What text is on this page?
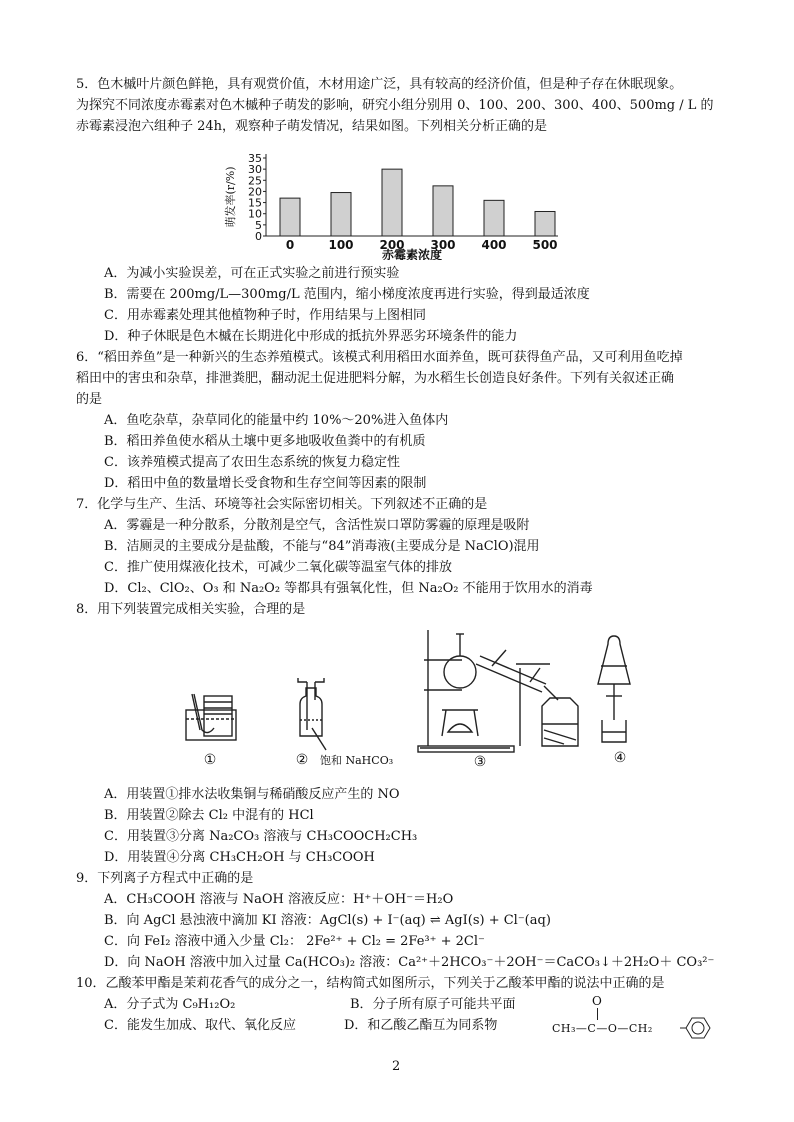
5．色木槭叶片颜色鲜艳，具有观赏价值，木材用途广泛，具有较高的经济价值，但是种子存在休眠现象。
为探究不同浓度赤霉素对色木槭种子萌发的影响，研究小组分别用 0、100、200、300、400、500mg / L 的
赤霉素浸泡六组种子 24h，观察种子萌发情况，结果如图。下列相关分析正确的是
0
5
10
15
20
25
30
35
萌发率(r/%)
0	100 200 300 400 500
赤霉素浓度
A．为减小实验误差，可在正式实验之前进行预实验
B．需要在 200mg/L—300mg/L 范围内，缩小梯度浓度再进行实验，得到最适浓度
C．用赤霉素处理其他植物种子时，作用结果与上图相同
D．种子休眠是色木槭在长期进化中形成的抵抗外界恶劣环境条件的能力
6．“稻田养鱼”是一种新兴的生态养殖模式。该模式利用稻田水面养鱼，既可获得鱼产品，又可利用鱼吃掉
稻田中的害虫和杂草，排泄粪肥，翻动泥土促进肥料分解，为水稻生长创造良好条件。下列有关叙述正确
的是
A．鱼吃杂草，杂草同化的能量中约 10%～20%进入鱼体内
B．稻田养鱼使水稻从土壤中更多地吸收鱼粪中的有机质
C．该养殖模式提高了农田生态系统的恢复力稳定性
D．稻田中鱼的数量增长受食物和生存空间等因素的限制
7．化学与生产、生活、环境等社会实际密切相关。下列叙述不正确的是
A．雾霾是一种分散系，分散剂是空气，含活性炭口罩防雾霾的原理是吸附
B．洁厕灵的主要成分是盐酸，不能与“84”消毒液(主要成分是 NaClO)混用
C．推广使用煤液化技术，可减少二氧化碳等温室气体的排放
D．Cl₂、ClO₂、O₃ 和 Na₂O₂ 等都具有强氧化性，但 Na₂O₂ 不能用于饮用水的消毒
8．用下列装置完成相关实验，合理的是
①	② 饱和 NaHCO₃	③	④
A．用装置①排水法收集铜与稀硝酸反应产生的 NO
B．用装置②除去 Cl₂ 中混有的 HCl
C．用装置③分离 Na₂CO₃ 溶液与 CH₃COOCH₂CH₃
D．用装置④分离 CH₃CH₂OH 与 CH₃COOH
9．下列离子方程式中正确的是
A．CH₃COOH 溶液与 NaOH 溶液反应：H⁺＋OH⁻＝H₂O
B．向 AgCl 悬浊液中滴加 KI 溶液：AgCl(s) + I⁻(aq) ⇌ AgI(s) + Cl⁻(aq)
C．向 FeI₂ 溶液中通入少量 Cl₂： 2Fe²⁺ + Cl₂ = 2Fe³⁺ + 2Cl⁻
D．向 NaOH 溶液中加入过量 Ca(HCO₃)₂ 溶液：Ca²⁺＋2HCO₃⁻＋2OH⁻＝CaCO₃↓＋2H₂O＋ CO₃²⁻
10．乙酸苯甲酯是茉莉花香气的成分之一，结构简式如图所示，下列关于乙酸苯甲酯的说法中正确的是
A．分子式为 C₉H₁₂O₂	B．分子所有原子可能共平面
C．能发生加成、取代、氧化反应	D．和乙酸乙酯互为同系物
O
CH₃—C—O—CH₂
2
